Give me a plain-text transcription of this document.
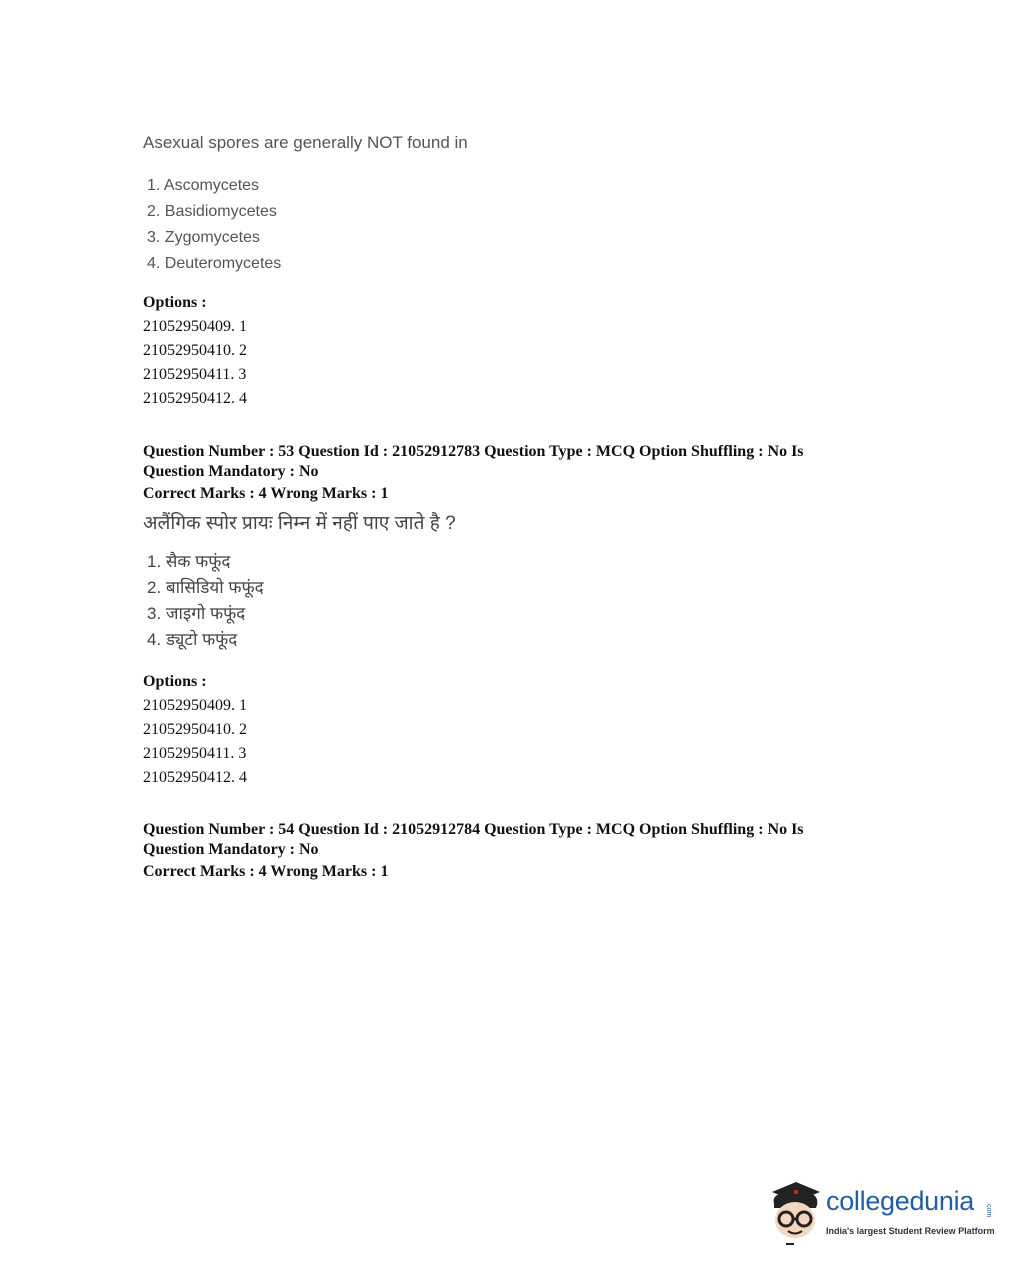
Asexual spores are generally NOT found in

1. Ascomycetes
2. Basidiomycetes
3. Zygomycetes
4. Deuteromycetes
Options :
21052950409. 1
21052950410. 2
21052950411. 3
21052950412. 4
Question Number : 53 Question Id : 21052912783 Question Type : MCQ Option Shuffling : No Is
Question Mandatory : No
Correct Marks : 4 Wrong Marks : 1

अलैंगिक स्पोर प्रायः निम्न में नहीं पाए जाते है ?

1. सैक फफूंद
2. बासिडियो फफूंद
3. जाइगो फफूंद
4. ड्यूटो फफूंद
Options :
21052950409. 1
21052950410. 2
21052950411. 3
21052950412. 4
Question Number : 54 Question Id : 21052912784 Question Type : MCQ Option Shuffling : No Is
Question Mandatory : No
Correct Marks : 4 Wrong Marks : 1
collegedunia .com
India's largest Student Review Platform
